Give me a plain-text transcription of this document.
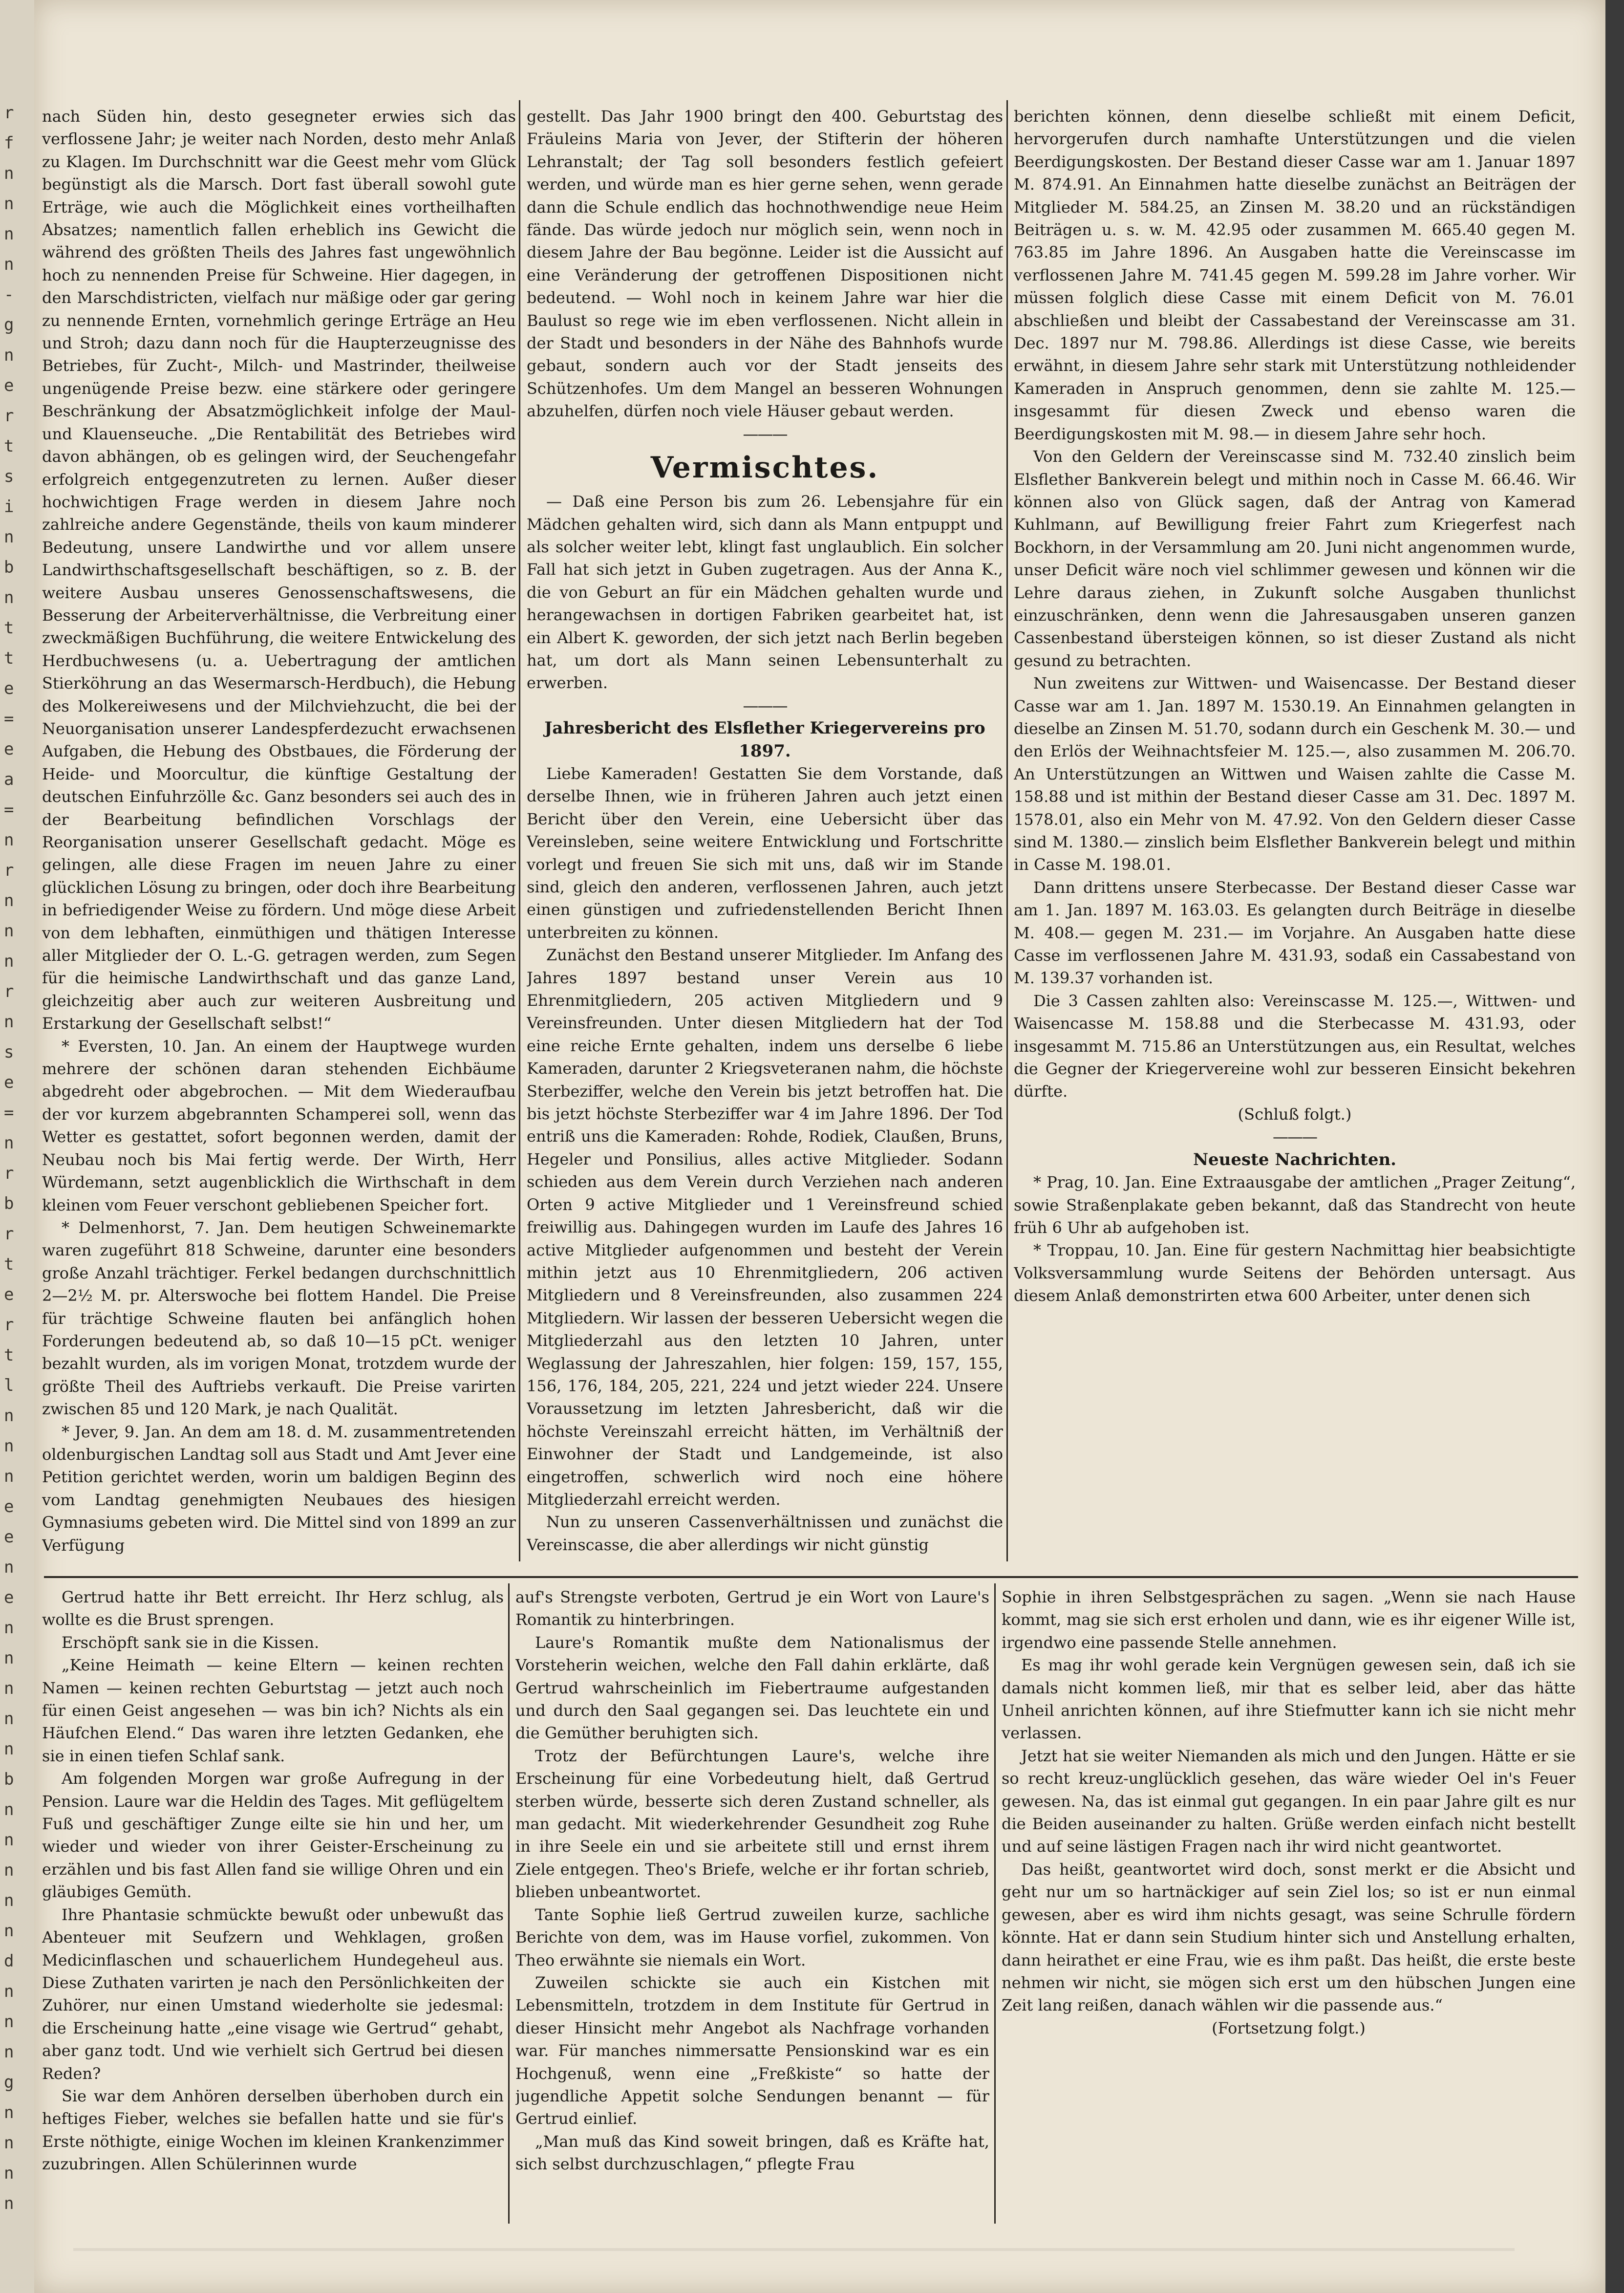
r
f
n
n
n
n
-
g
n
e
r
t
s
i
n
b
n
t
t
e
=
e
a
=
n
r
n
n
n
r
n
s
e
=
n
r
b
r
t
e
r
t
l
n
n
n
e
e
n
e
n
n
n
n
n
b
n
n
n
n
n
d
n
n
n
g
n
n
n
n

nach Süden hin, desto gesegneter erwies sich das verflossene Jahr; je weiter nach Norden, desto mehr Anlaß zu Klagen. Im Durchschnitt war die Geest mehr vom Glück begünstigt als die Marsch. Dort fast überall sowohl gute Erträge, wie auch die Möglichkeit eines vortheilhaften Absatzes; namentlich fallen erheblich ins Gewicht die während des größten Theils des Jahres fast ungewöhnlich hoch zu nennenden Preise für Schweine. Hier dagegen, in den Marschdistricten, vielfach nur mäßige oder gar gering zu nennende Ernten, vornehmlich geringe Erträge an Heu und Stroh; dazu dann noch für die Haupterzeugnisse des Betriebes, für Zucht-, Milch- und Mastrinder, theilweise ungenügende Preise bezw. eine stärkere oder geringere Beschränkung der Absatzmöglichkeit infolge der Maul- und Klauenseuche. „Die Rentabilität des Betriebes wird davon abhängen, ob es gelingen wird, der Seuchengefahr erfolgreich entgegenzutreten zu lernen. Außer dieser hochwichtigen Frage werden in diesem Jahre noch zahlreiche andere Gegenstände, theils von kaum minderer Bedeutung, unsere Landwirthe und vor allem unsere Landwirthschaftsgesellschaft beschäftigen, so z. B. der weitere Ausbau unseres Genossenschaftswesens, die Besserung der Arbeiterverhältnisse, die Verbreitung einer zweckmäßigen Buchführung, die weitere Entwickelung des Herdbuchwesens (u. a. Uebertragung der amtlichen Stierköhrung an das Wesermarsch-Herdbuch), die Hebung des Molkereiwesens und der Milchviehzucht, die bei der Neuorganisation unserer Landespferdezucht erwachsenen Aufgaben, die Hebung des Obstbaues, die Förderung der Heide- und Moorcultur, die künftige Gestaltung der deutschen Einfuhrzölle &c. Ganz besonders sei auch des in der Bearbeitung befindlichen Vorschlags der Reorganisation unserer Gesellschaft gedacht. Möge es gelingen, alle diese Fragen im neuen Jahre zu einer glücklichen Lösung zu bringen, oder doch ihre Bearbeitung in befriedigender Weise zu fördern. Und möge diese Arbeit von dem lebhaften, einmüthigen und thätigen Interesse aller Mitglieder der O. L.-G. getragen werden, zum Segen für die heimische Landwirthschaft und das ganze Land, gleichzeitig aber auch zur weiteren Ausbreitung und Erstarkung der Gesellschaft selbst!“

* Eversten, 10. Jan. An einem der Hauptwege wurden mehrere der schönen daran stehenden Eichbäume abgedreht oder abgebrochen. — Mit dem Wiederaufbau der vor kurzem abgebrannten Schamperei soll, wenn das Wetter es gestattet, sofort begonnen werden, damit der Neubau noch bis Mai fertig werde. Der Wirth, Herr Würdemann, setzt augenblicklich die Wirthschaft in dem kleinen vom Feuer verschont gebliebenen Speicher fort.

* Delmenhorst, 7. Jan. Dem heutigen Schweinemarkte waren zugeführt 818 Schweine, darunter eine besonders große Anzahl trächtiger. Ferkel bedangen durchschnittlich 2—2½ M. pr. Alterswoche bei flottem Handel. Die Preise für trächtige Schweine flauten bei anfänglich hohen Forderungen bedeutend ab, so daß 10—15 pCt. weniger bezahlt wurden, als im vorigen Monat, trotzdem wurde der größte Theil des Auftriebs verkauft. Die Preise varirten zwischen 85 und 120 Mark, je nach Qualität.

* Jever, 9. Jan. An dem am 18. d. M. zusammentretenden oldenburgischen Landtag soll aus Stadt und Amt Jever eine Petition gerichtet werden, worin um baldigen Beginn des vom Landtag genehmigten Neubaues des hiesigen Gymnasiums gebeten wird. Die Mittel sind von 1899 an zur Verfügung

gestellt. Das Jahr 1900 bringt den 400. Geburtstag des Fräuleins Maria von Jever, der Stifterin der höheren Lehranstalt; der Tag soll besonders festlich gefeiert werden, und würde man es hier gerne sehen, wenn gerade dann die Schule endlich das hochnothwendige neue Heim fände. Das würde jedoch nur möglich sein, wenn noch in diesem Jahre der Bau begönne. Leider ist die Aussicht auf eine Veränderung der getroffenen Dispositionen nicht bedeutend. — Wohl noch in keinem Jahre war hier die Baulust so rege wie im eben verflossenen. Nicht allein in der Stadt und besonders in der Nähe des Bahnhofs wurde gebaut, sondern auch vor der Stadt jenseits des Schützenhofes. Um dem Mangel an besseren Wohnungen abzuhelfen, dürfen noch viele Häuser gebaut werden.

———

Vermischtes.

— Daß eine Person bis zum 26. Lebensjahre für ein Mädchen gehalten wird, sich dann als Mann entpuppt und als solcher weiter lebt, klingt fast unglaublich. Ein solcher Fall hat sich jetzt in Guben zugetragen. Aus der Anna K., die von Geburt an für ein Mädchen gehalten wurde und herangewachsen in dortigen Fabriken gearbeitet hat, ist ein Albert K. geworden, der sich jetzt nach Berlin begeben hat, um dort als Mann seinen Lebensunterhalt zu erwerben.

———

Jahresbericht des Elsflether Kriegervereins pro 1897.

Liebe Kameraden! Gestatten Sie dem Vorstande, daß derselbe Ihnen, wie in früheren Jahren auch jetzt einen Bericht über den Verein, eine Uebersicht über das Vereinsleben, seine weitere Entwicklung und Fortschritte vorlegt und freuen Sie sich mit uns, daß wir im Stande sind, gleich den anderen, verflossenen Jahren, auch jetzt einen günstigen und zufriedenstellenden Bericht Ihnen unterbreiten zu können.

Zunächst den Bestand unserer Mitglieder. Im Anfang des Jahres 1897 bestand unser Verein aus 10 Ehrenmitgliedern, 205 activen Mitgliedern und 9 Vereinsfreunden. Unter diesen Mitgliedern hat der Tod eine reiche Ernte gehalten, indem uns derselbe 6 liebe Kameraden, darunter 2 Kriegsveteranen nahm, die höchste Sterbeziffer, welche den Verein bis jetzt betroffen hat. Die bis jetzt höchste Sterbeziffer war 4 im Jahre 1896. Der Tod entriß uns die Kameraden: Rohde, Rodiek, Claußen, Bruns, Hegeler und Ponsilius, alles active Mitglieder. Sodann schieden aus dem Verein durch Verziehen nach anderen Orten 9 active Mitglieder und 1 Vereinsfreund schied freiwillig aus. Dahingegen wurden im Laufe des Jahres 16 active Mitglieder aufgenommen und besteht der Verein mithin jetzt aus 10 Ehrenmitgliedern, 206 activen Mitgliedern und 8 Vereinsfreunden, also zusammen 224 Mitgliedern. Wir lassen der besseren Uebersicht wegen die Mitgliederzahl aus den letzten 10 Jahren, unter Weglassung der Jahreszahlen, hier folgen: 159, 157, 155, 156, 176, 184, 205, 221, 224 und jetzt wieder 224. Unsere Voraussetzung im letzten Jahresbericht, daß wir die höchste Vereinszahl erreicht hätten, im Verhältniß der Einwohner der Stadt und Landgemeinde, ist also eingetroffen, schwerlich wird noch eine höhere Mitgliederzahl erreicht werden.

Nun zu unseren Cassenverhältnissen und zunächst die Vereinscasse, die aber allerdings wir nicht günstig

berichten können, denn dieselbe schließt mit einem Deficit, hervorgerufen durch namhafte Unterstützungen und die vielen Beerdigungskosten. Der Bestand dieser Casse war am 1. Januar 1897 M. 874.91. An Einnahmen hatte dieselbe zunächst an Beiträgen der Mitglieder M. 584.25, an Zinsen M. 38.20 und an rückständigen Beiträgen u. s. w. M. 42.95 oder zusammen M. 665.40 gegen M. 763.85 im Jahre 1896. An Ausgaben hatte die Vereinscasse im verflossenen Jahre M. 741.45 gegen M. 599.28 im Jahre vorher. Wir müssen folglich diese Casse mit einem Deficit von M. 76.01 abschließen und bleibt der Cassabestand der Vereinscasse am 31. Dec. 1897 nur M. 798.86. Allerdings ist diese Casse, wie bereits erwähnt, in diesem Jahre sehr stark mit Unterstützung nothleidender Kameraden in Anspruch genommen, denn sie zahlte M. 125.— insgesammt für diesen Zweck und ebenso waren die Beerdigungskosten mit M. 98.— in diesem Jahre sehr hoch.

Von den Geldern der Vereinscasse sind M. 732.40 zinslich beim Elsflether Bankverein belegt und mithin noch in Casse M. 66.46. Wir können also von Glück sagen, daß der Antrag von Kamerad Kuhlmann, auf Bewilligung freier Fahrt zum Kriegerfest nach Bockhorn, in der Versammlung am 20. Juni nicht angenommen wurde, unser Deficit wäre noch viel schlimmer gewesen und können wir die Lehre daraus ziehen, in Zukunft solche Ausgaben thunlichst einzuschränken, denn wenn die Jahresausgaben unseren ganzen Cassenbestand übersteigen können, so ist dieser Zustand als nicht gesund zu betrachten.

Nun zweitens zur Wittwen- und Waisencasse. Der Bestand dieser Casse war am 1. Jan. 1897 M. 1530.19. An Einnahmen gelangten in dieselbe an Zinsen M. 51.70, sodann durch ein Geschenk M. 30.— und den Erlös der Weihnachtsfeier M. 125.—, also zusammen M. 206.70. An Unterstützungen an Wittwen und Waisen zahlte die Casse M. 158.88 und ist mithin der Bestand dieser Casse am 31. Dec. 1897 M. 1578.01, also ein Mehr von M. 47.92. Von den Geldern dieser Casse sind M. 1380.— zinslich beim Elsflether Bankverein belegt und mithin in Casse M. 198.01.

Dann drittens unsere Sterbecasse. Der Bestand dieser Casse war am 1. Jan. 1897 M. 163.03. Es gelangten durch Beiträge in dieselbe M. 408.— gegen M. 231.— im Vorjahre. An Ausgaben hatte diese Casse im verflossenen Jahre M. 431.93, sodaß ein Cassabestand von M. 139.37 vorhanden ist.

Die 3 Cassen zahlten also: Vereinscasse M. 125.—, Wittwen- und Waisencasse M. 158.88 und die Sterbecasse M. 431.93, oder insgesammt M. 715.86 an Unterstützungen aus, ein Resultat, welches die Gegner der Kriegervereine wohl zur besseren Einsicht bekehren dürfte.

(Schluß folgt.)

———

Neueste Nachrichten.

* Prag, 10. Jan. Eine Extraausgabe der amtlichen „Prager Zeitung“, sowie Straßenplakate geben bekannt, daß das Standrecht von heute früh 6 Uhr ab aufgehoben ist.

* Troppau, 10. Jan. Eine für gestern Nachmittag hier beabsichtigte Volksversammlung wurde Seitens der Behörden untersagt. Aus diesem Anlaß demonstrirten etwa 600 Arbeiter, unter denen sich

Gertrud hatte ihr Bett erreicht. Ihr Herz schlug, als wollte es die Brust sprengen.

Erschöpft sank sie in die Kissen.

„Keine Heimath — keine Eltern — keinen rechten Namen — keinen rechten Geburtstag — jetzt auch noch für einen Geist angesehen — was bin ich? Nichts als ein Häufchen Elend.“ Das waren ihre letzten Gedanken, ehe sie in einen tiefen Schlaf sank.

Am folgenden Morgen war große Aufregung in der Pension. Laure war die Heldin des Tages. Mit geflügeltem Fuß und geschäftiger Zunge eilte sie hin und her, um wieder und wieder von ihrer Geister-Erscheinung zu erzählen und bis fast Allen fand sie willige Ohren und ein gläubiges Gemüth.

Ihre Phantasie schmückte bewußt oder unbewußt das Abenteuer mit Seufzern und Wehklagen, großen Medicinflaschen und schauerlichem Hundegeheul aus. Diese Zuthaten varirten je nach den Persönlichkeiten der Zuhörer, nur einen Umstand wiederholte sie jedesmal: die Erscheinung hatte „eine visage wie Gertrud“ gehabt, aber ganz todt. Und wie verhielt sich Gertrud bei diesen Reden?

Sie war dem Anhören derselben überhoben durch ein heftiges Fieber, welches sie befallen hatte und sie für's Erste nöthigte, einige Wochen im kleinen Krankenzimmer zuzubringen. Allen Schülerinnen wurde

auf's Strengste verboten, Gertrud je ein Wort von Laure's Romantik zu hinterbringen.

Laure's Romantik mußte dem Nationalismus der Vorsteherin weichen, welche den Fall dahin erklärte, daß Gertrud wahrscheinlich im Fiebertraume aufgestanden und durch den Saal gegangen sei. Das leuchtete ein und die Gemüther beruhigten sich.

Trotz der Befürchtungen Laure's, welche ihre Erscheinung für eine Vorbedeutung hielt, daß Gertrud sterben würde, besserte sich deren Zustand schneller, als man gedacht. Mit wiederkehrender Gesundheit zog Ruhe in ihre Seele ein und sie arbeitete still und ernst ihrem Ziele entgegen. Theo's Briefe, welche er ihr fortan schrieb, blieben unbeantwortet.

Tante Sophie ließ Gertrud zuweilen kurze, sachliche Berichte von dem, was im Hause vorfiel, zukommen. Von Theo erwähnte sie niemals ein Wort.

Zuweilen schickte sie auch ein Kistchen mit Lebensmitteln, trotzdem in dem Institute für Gertrud in dieser Hinsicht mehr Angebot als Nachfrage vorhanden war. Für manches nimmersatte Pensionskind war es ein Hochgenuß, wenn eine „Freßkiste“ so hatte der jugendliche Appetit solche Sendungen benannt — für Gertrud einlief.

„Man muß das Kind soweit bringen, daß es Kräfte hat, sich selbst durchzuschlagen,“ pflegte Frau

Sophie in ihren Selbstgesprächen zu sagen. „Wenn sie nach Hause kommt, mag sie sich erst erholen und dann, wie es ihr eigener Wille ist, irgendwo eine passende Stelle annehmen.

Es mag ihr wohl gerade kein Vergnügen gewesen sein, daß ich sie damals nicht kommen ließ, mir that es selber leid, aber das hätte Unheil anrichten können, auf ihre Stiefmutter kann ich sie nicht mehr verlassen.

Jetzt hat sie weiter Niemanden als mich und den Jungen. Hätte er sie so recht kreuz-unglücklich gesehen, das wäre wieder Oel in's Feuer gewesen. Na, das ist einmal gut gegangen. In ein paar Jahre gilt es nur die Beiden auseinander zu halten. Grüße werden einfach nicht bestellt und auf seine lästigen Fragen nach ihr wird nicht geantwortet.

Das heißt, geantwortet wird doch, sonst merkt er die Absicht und geht nur um so hartnäckiger auf sein Ziel los; so ist er nun einmal gewesen, aber es wird ihm nichts gesagt, was seine Schrulle fördern könnte. Hat er dann sein Studium hinter sich und Anstellung erhalten, dann heirathet er eine Frau, wie es ihm paßt. Das heißt, die erste beste nehmen wir nicht, sie mögen sich erst um den hübschen Jungen eine Zeit lang reißen, danach wählen wir die passende aus.“

(Fortsetzung folgt.)
